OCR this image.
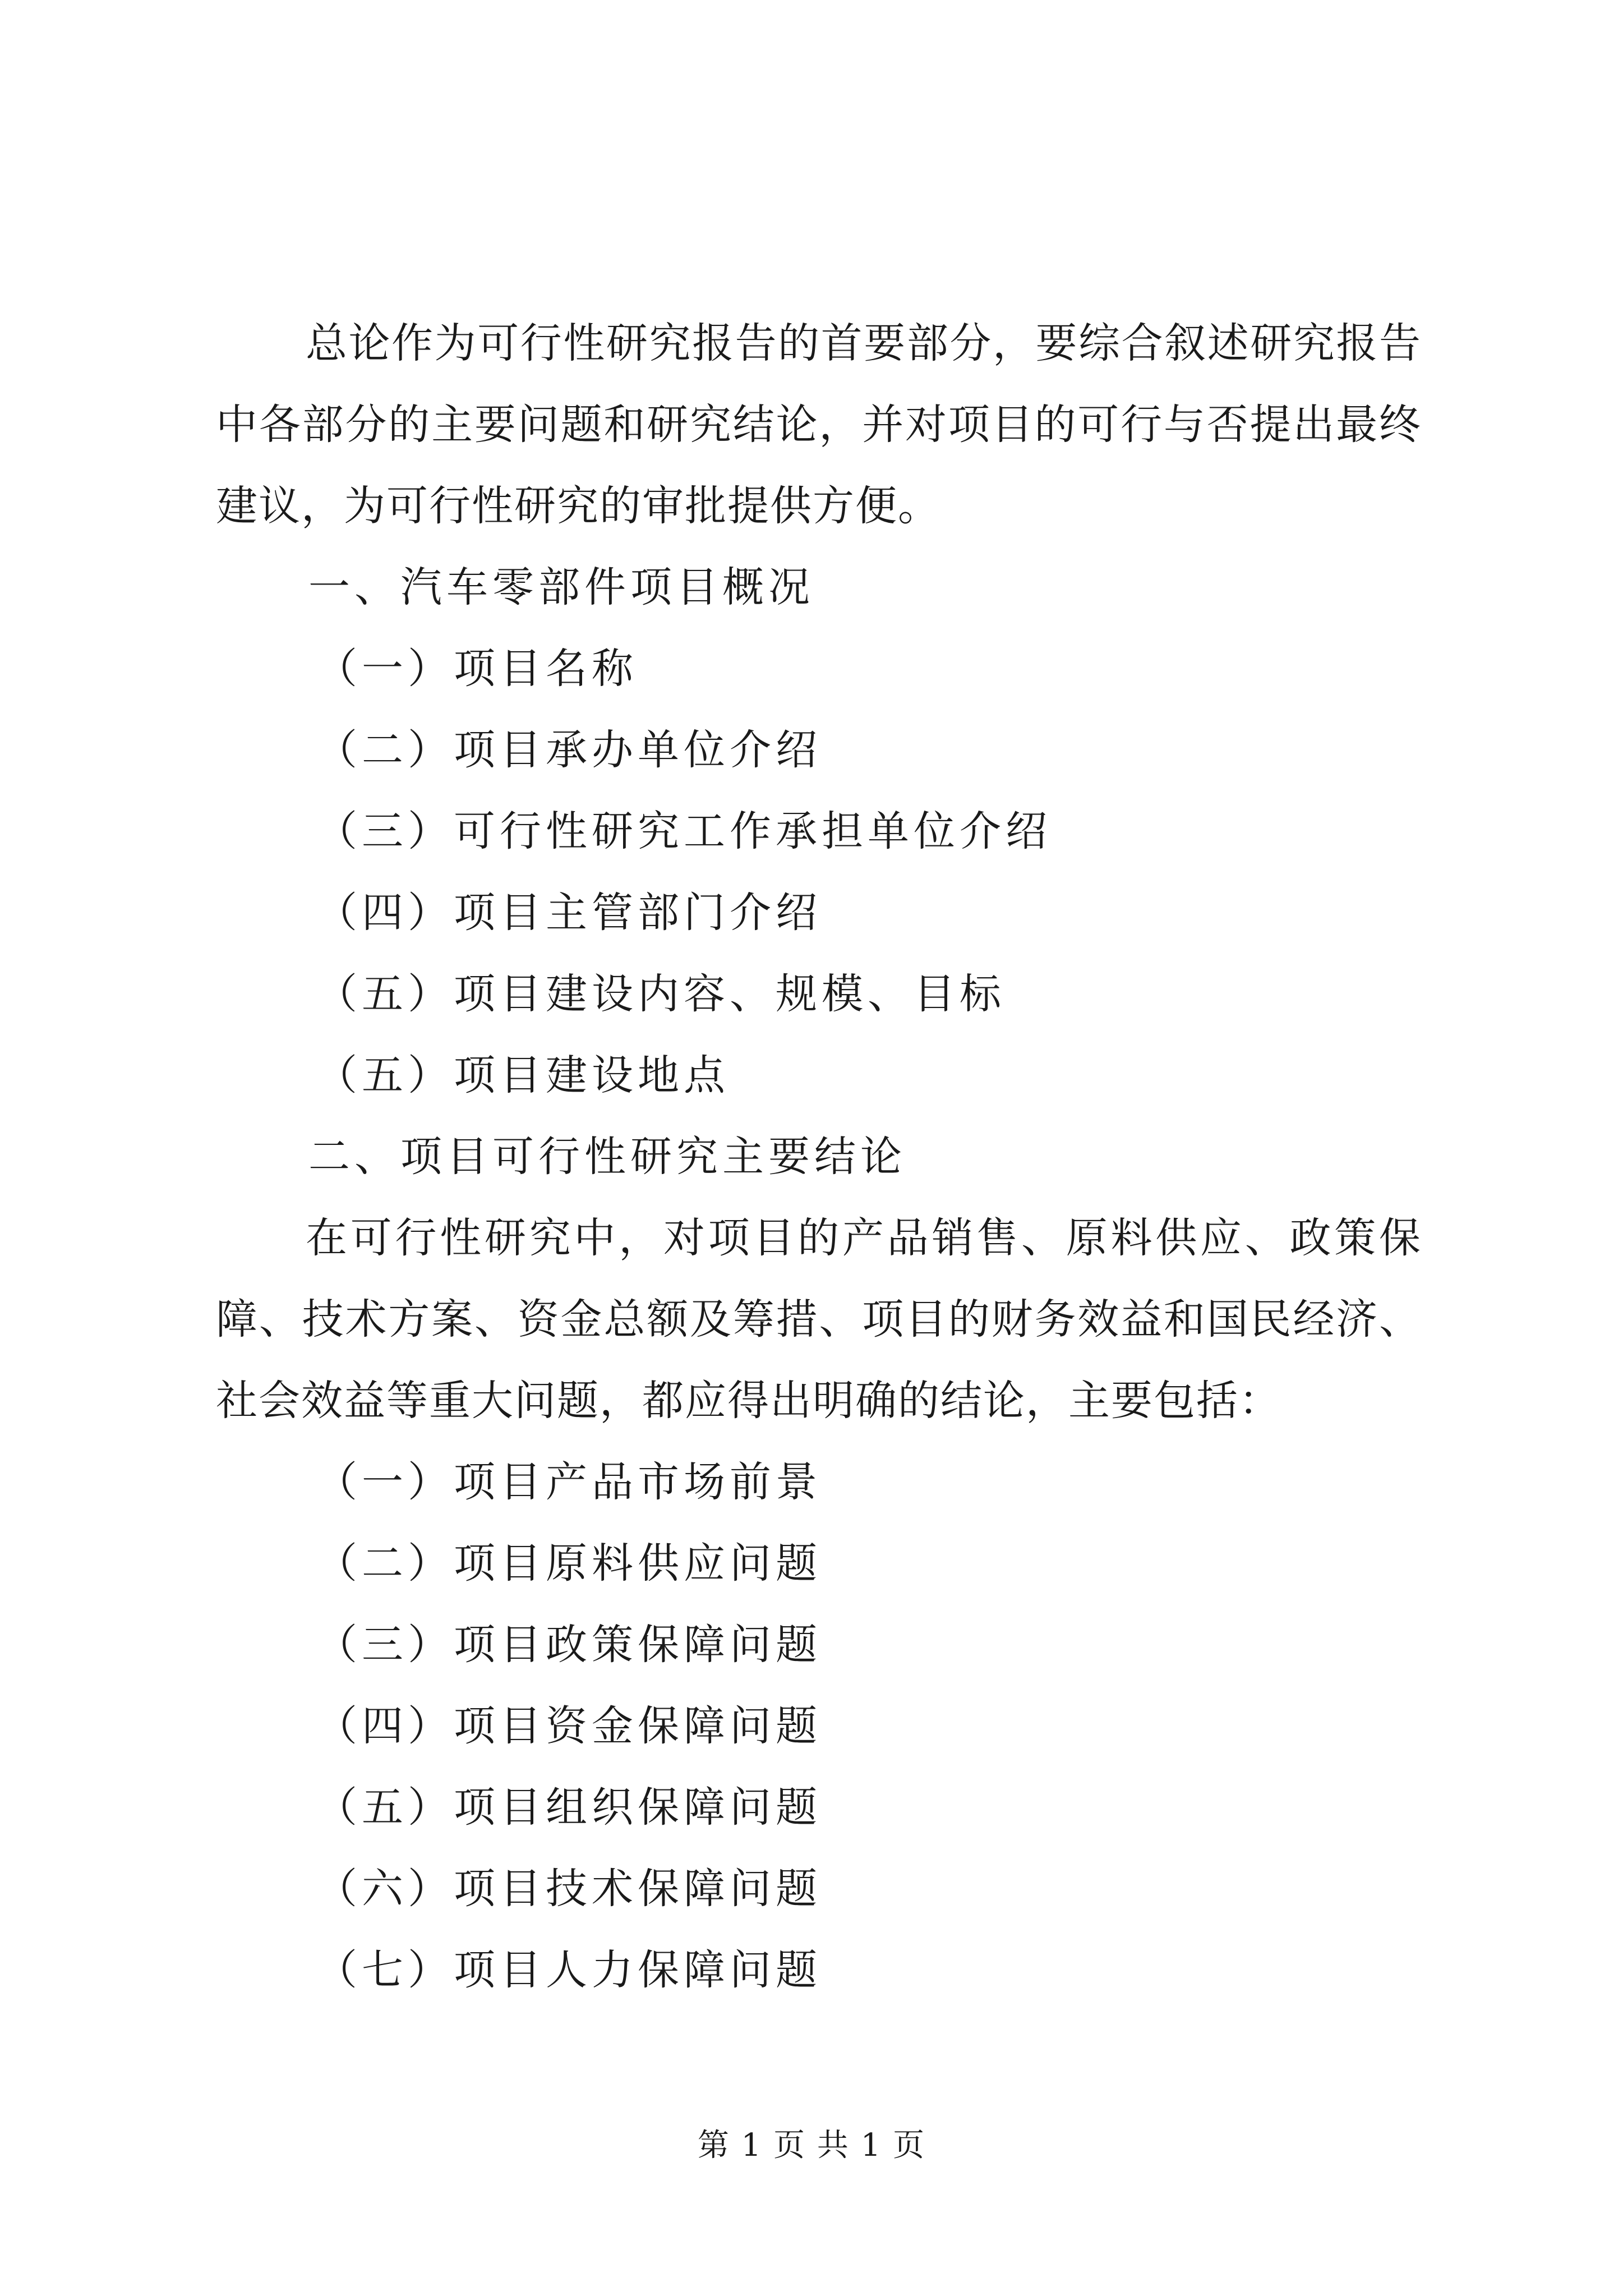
总论作为可行性研究报告的首要部分，要综合叙述研究报告中各部分的主要问题和研究结论，并对项目的可行与否提出最终建议，为可行性研究的审批提供方便。

一、汽车零部件项目概况

（一）项目名称

（二）项目承办单位介绍

（三）可行性研究工作承担单位介绍

（四）项目主管部门介绍

（五）项目建设内容、规模、目标

（五）项目建设地点

二、项目可行性研究主要结论

在可行性研究中，对项目的产品销售、原料供应、政策保障、技术方案、资金总额及筹措、项目的财务效益和国民经济、社会效益等重大问题，都应得出明确的结论，主要包括：

（一）项目产品市场前景

（二）项目原料供应问题

（三）项目政策保障问题

（四）项目资金保障问题

（五）项目组织保障问题

（六）项目技术保障问题

（七）项目人力保障问题

第 1 页 共 1 页
